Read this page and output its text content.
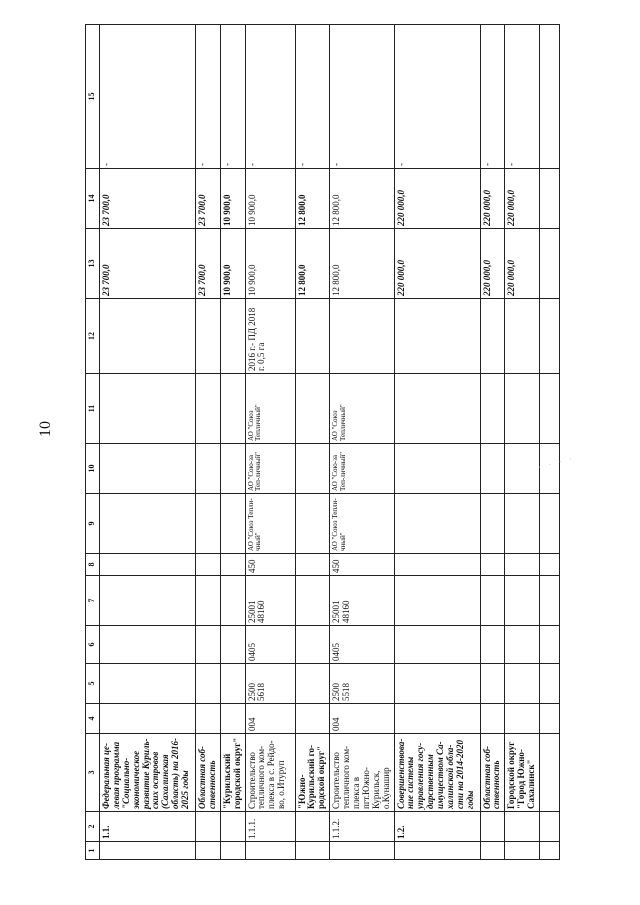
10
1	2	3	4	5	6	7	8	9	10	11	12	13	14	15
	1.1.	Федеральная це-левая программа "Социально-экономическое развитие Куриль-ских островов (Сахалинская область) на 2016-2025 годы										23 700,0	23 700,0	-
		Областная соб-ственность										23 700,0	23 700,0	-
		"Курильский городской округ"										10 900,0	10 900,0	-
	1.1.1.	Строительство тепличного ком-плекса в с. Рейдо-во, о.Итуруп	004	2500 5618	0405	25001 48160	450	АО "Союз Тепли-чный"	АО "Сою-за Теп-личный"	АО "Союз Тепличный"	2016 г.- ПД 2018 г. 0,5 га	10 900,0	10 900,0	-
		"Южно-Курильский го-родской округ"										12 800,0	12 800,0	-
	1.1.2.	Строительство тепличного ком-плекса в пгт.Южно-Курильск, о.Кунашир	004	2500 5518	0405	25001 48160	450	АО "Союз Тепли-чный"	АО "Сою-за Теп-личный"	АО "Союз Тепличный"		12 800,0	12 800,0	-
	1.2.	Совершенствова-ние системы управления госу-дарственным имуществом Са-халинской обла-сти на 2014-2020 годы										220 000,0	220 000,0	-
		Областная соб-ственность										220 000,0	220 000,0	-
		Городской округ "Город Южно-Сахалинск"										220 000,0	220 000,0	-

· · · ·
